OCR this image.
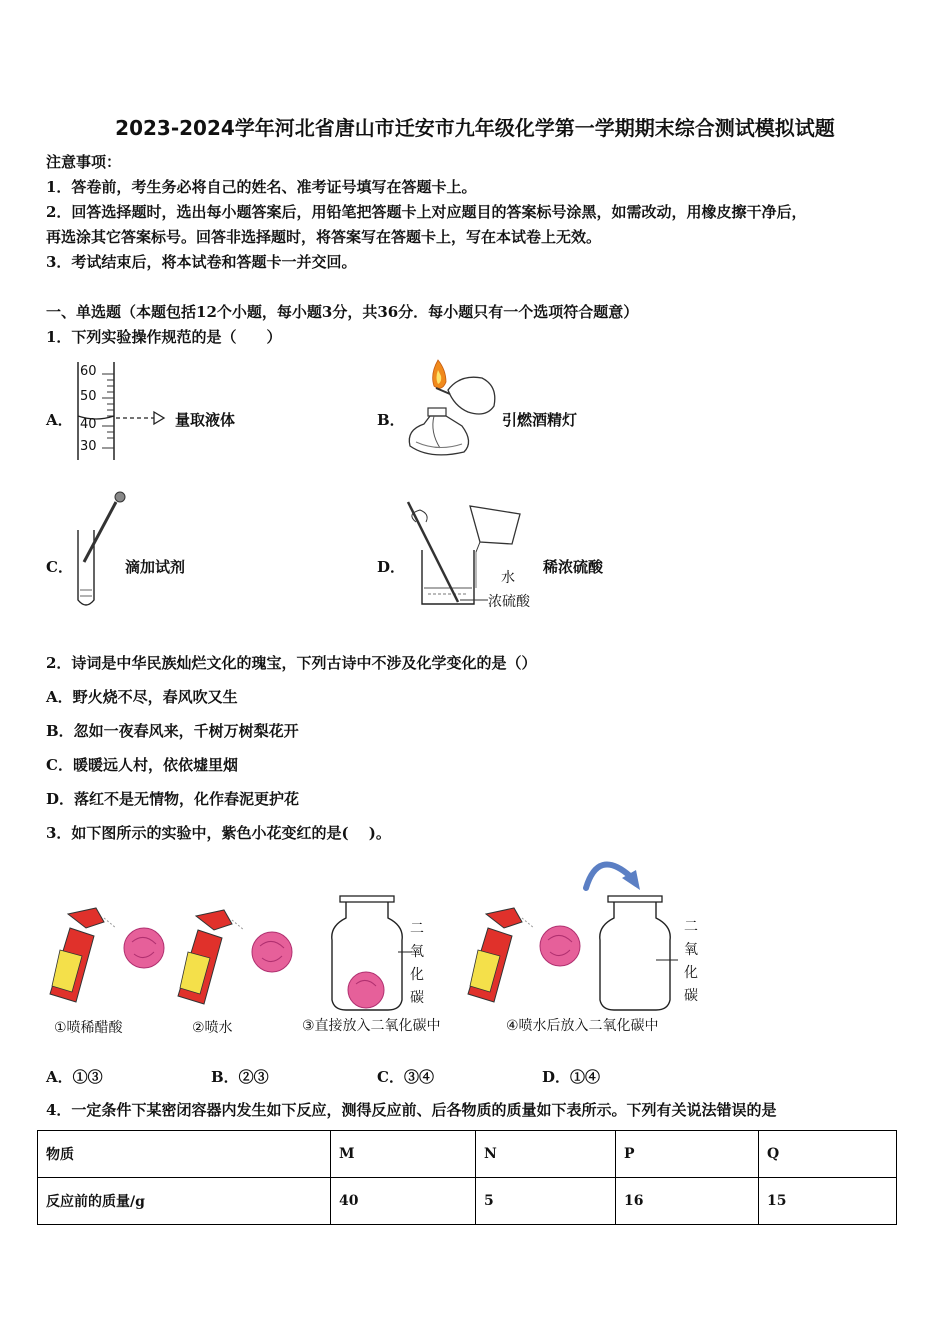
2023-2024学年河北省唐山市迁安市九年级化学第一学期期末综合测试模拟试题
注意事项：
1．答卷前，考生务必将自己的姓名、准考证号填写在答题卡上。
2．回答选择题时，选出每小题答案后，用铅笔把答题卡上对应题目的答案标号涂黑，如需改动，用橡皮擦干净后，
再选涂其它答案标号。回答非选择题时，将答案写在答题卡上，写在本试卷上无效。
3．考试结束后，将本试卷和答题卡一并交回。
一、单选题（本题包括12个小题，每小题3分，共36分．每小题只有一个选项符合题意）
1．下列实验操作规范的是（　　）
A．
60
50
40
30
量取液体	B．	引燃酒精灯
C．	滴加试剂	D．
水
浓硫酸
稀浓硫酸
2．诗词是中华民族灿烂文化的瑰宝，下列古诗中不涉及化学变化的是（）
A．野火烧不尽，春风吹又生
B．忽如一夜春风来，千树万树梨花开
C．暖暖远人村，依依墟里烟
D．落红不是无情物，化作春泥更护花
3．如下图所示的实验中，紫色小花变红的是(　 )。
二
氧
化
碳
二
氧
化
碳
①喷稀醋酸	②喷水	③直接放入二氧化碳中	④喷水后放入二氧化碳中
A．①③	B．②③	C．③④	D．①④
4．一定条件下某密闭容器内发生如下反应，测得反应前、后各物质的质量如下表所示。下列有关说法错误的是
物质	M	N	P	Q
反应前的质量/g	40	5	16	15
